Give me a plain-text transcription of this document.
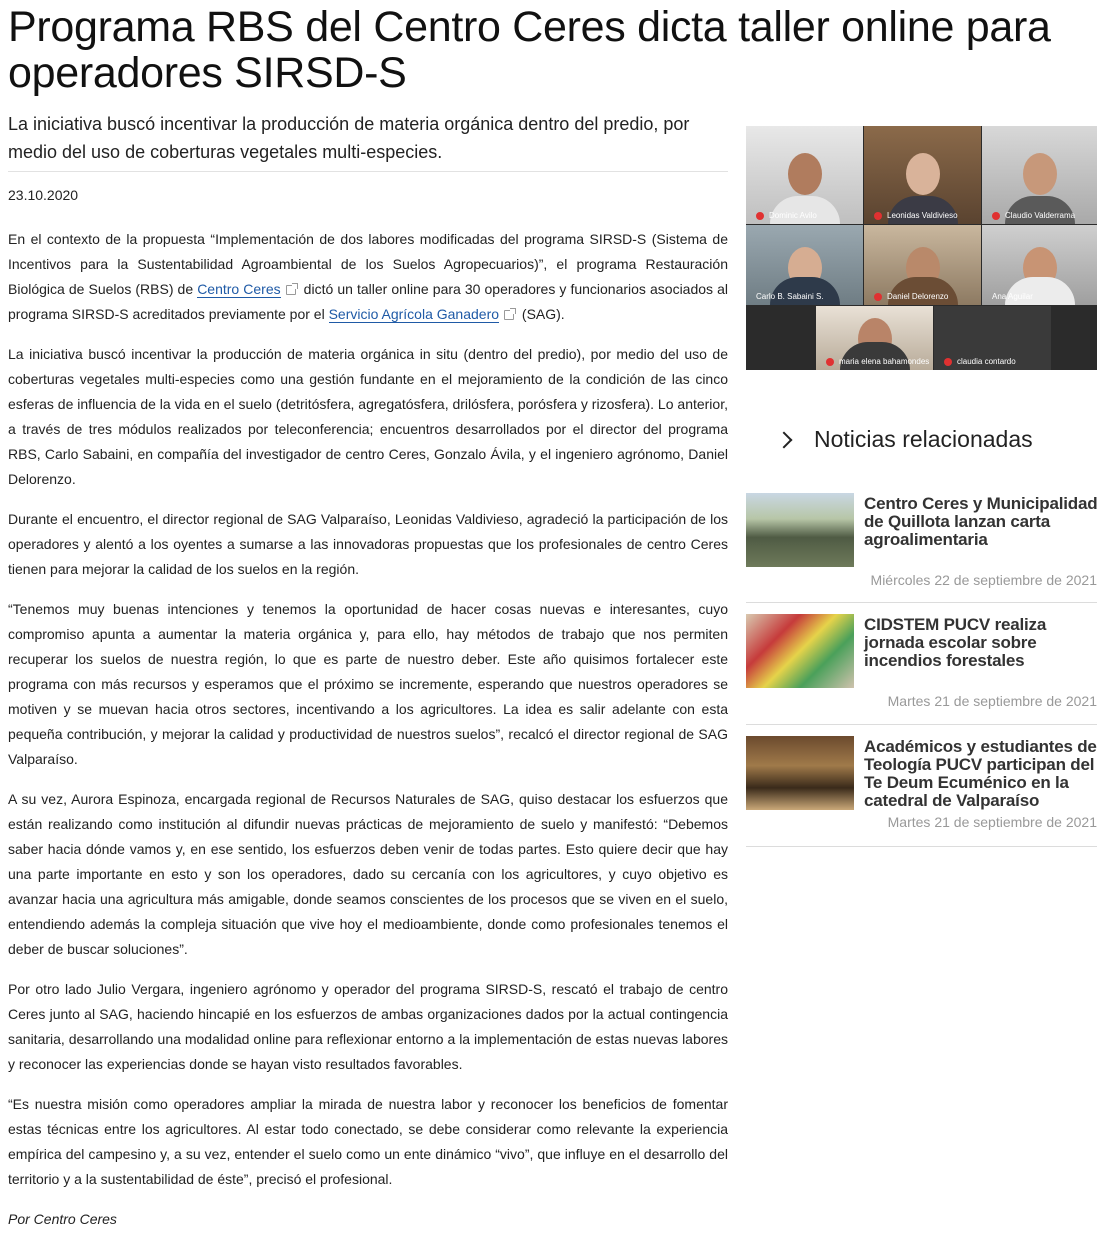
Programa RBS del Centro Ceres dicta taller online para operadores SIRSD-S
La iniciativa buscó incentivar la producción de materia orgánica dentro del predio, por medio del uso de coberturas vegetales multi-especies.
23.10.2020

En el contexto de la propuesta “Implementación de dos labores modificadas del programa SIRSD-S (Sistema de Incentivos para la Sustentabilidad Agroambiental de los Suelos Agropecuarios)”, el programa Restauración Biológica de Suelos (RBS) de Centro Ceres dictó un taller online para 30 operadores y funcionarios asociados al programa SIRSD-S acreditados previamente por el Servicio Agrícola Ganadero (SAG).

La iniciativa buscó incentivar la producción de materia orgánica in situ (dentro del predio), por medio del uso de coberturas vegetales multi-especies como una gestión fundante en el mejoramiento de la condición de las cinco esferas de influencia de la vida en el suelo (detritósfera, agregatósfera, drilósfera, porósfera y rizosfera). Lo anterior, a través de tres módulos realizados por teleconferencia; encuentros desarrollados por el director del programa RBS, Carlo Sabaini, en compañía del investigador de centro Ceres, Gonzalo Ávila, y el ingeniero agrónomo, Daniel Delorenzo.

Durante el encuentro, el director regional de SAG Valparaíso, Leonidas Valdivieso, agradeció la participación de los operadores y alentó a los oyentes a sumarse a las innovadoras propuestas que los profesionales de centro Ceres tienen para mejorar la calidad de los suelos en la región.

“Tenemos muy buenas intenciones y tenemos la oportunidad de hacer cosas nuevas e interesantes, cuyo compromiso apunta a aumentar la materia orgánica y, para ello, hay métodos de trabajo que nos permiten recuperar los suelos de nuestra región, lo que es parte de nuestro deber. Este año quisimos fortalecer este programa con más recursos y esperamos que el próximo se incremente, esperando que nuestros operadores se motiven y se muevan hacia otros sectores, incentivando a los agricultores. La idea es salir adelante con esta pequeña contribución, y mejorar la calidad y productividad de nuestros suelos”, recalcó el director regional de SAG Valparaíso.

A su vez, Aurora Espinoza, encargada regional de Recursos Naturales de SAG, quiso destacar los esfuerzos que están realizando como institución al difundir nuevas prácticas de mejoramiento de suelo y manifestó: “Debemos saber hacia dónde vamos y, en ese sentido, los esfuerzos deben venir de todas partes. Esto quiere decir que hay una parte importante en esto y son los operadores, dado su cercanía con los agricultores, y cuyo objetivo es avanzar hacia una agricultura más amigable, donde seamos conscientes de los procesos que se viven en el suelo, entendiendo además la compleja situación que vive hoy el medioambiente, donde como profesionales tenemos el deber de buscar soluciones”.

Por otro lado Julio Vergara, ingeniero agrónomo y operador del programa SIRSD-S, rescató el trabajo de centro Ceres junto al SAG, haciendo hincapié en los esfuerzos de ambas organizaciones dados por la actual contingencia sanitaria, desarrollando una modalidad online para reflexionar entorno a la implementación de estas nuevas labores y reconocer las experiencias donde se hayan visto resultados favorables.

“Es nuestra misión como operadores ampliar la mirada de nuestra labor y reconocer los beneficios de fomentar estas técnicas entre los agricultores. Al estar todo conectado, se debe considerar como relevante la experiencia empírica del campesino y, a su vez, entender el suelo como un ente dinámico “vivo”, que influye en el desarrollo del territorio y a la sustentabilidad de éste”, precisó el profesional.

Por Centro Ceres
Dominic Avilo	Leonidas Valdivieso	Claudio Valderrama
Carlo B. Sabaini S.	Daniel Delorenzo	Ana Aguilar
maria elena bahamondes	claudia contardo
Noticias relacionadas
Centro Ceres y Municipalidad de Quillota lanzan carta agroalimentaria
Miércoles 22 de septiembre de 2021
CIDSTEM PUCV realiza jornada escolar sobre incendios forestales
Martes 21 de septiembre de 2021
Académicos y estudiantes de Teología PUCV participan del Te Deum Ecuménico en la catedral de Valparaíso
Martes 21 de septiembre de 2021
